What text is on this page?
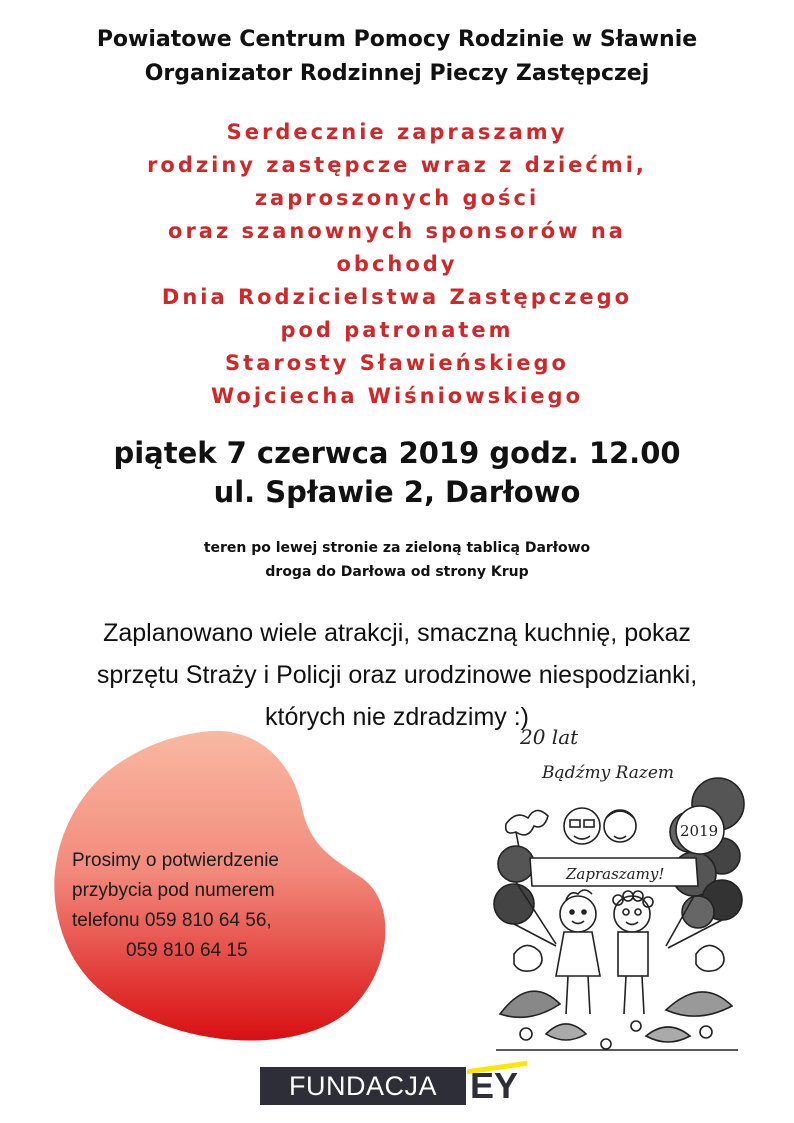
Powiatowe Centrum Pomocy Rodzinie w Sławnie
Organizator Rodzinnej Pieczy Zastępczej
Serdecznie zapraszamy
rodziny zastępcze wraz z dziećmi,
zaproszonych gości
oraz szanownych sponsorów na
obchody
Dnia Rodzicielstwa Zastępczego
pod patronatem
Starosty Sławieńskiego
Wojciecha Wiśniowskiego
piątek 7 czerwca 2019 godz. 12.00
ul. Spławie 2, Darłowo
teren po lewej stronie za zieloną tablicą Darłowo
droga do Darłowa od strony Krup
Zaplanowano wiele atrakcji, smaczną kuchnię, pokaz
sprzętu Straży i Policji oraz urodzinowe niespodzianki,
których nie zdradzimy :)
Prosimy o potwierdzenie
przybycia pod numerem
telefonu 059 810 64 56,
059 810 64 15
20 lat
Bądźmy Razem
2019
Zapraszamy!
FUNDACJA EY
